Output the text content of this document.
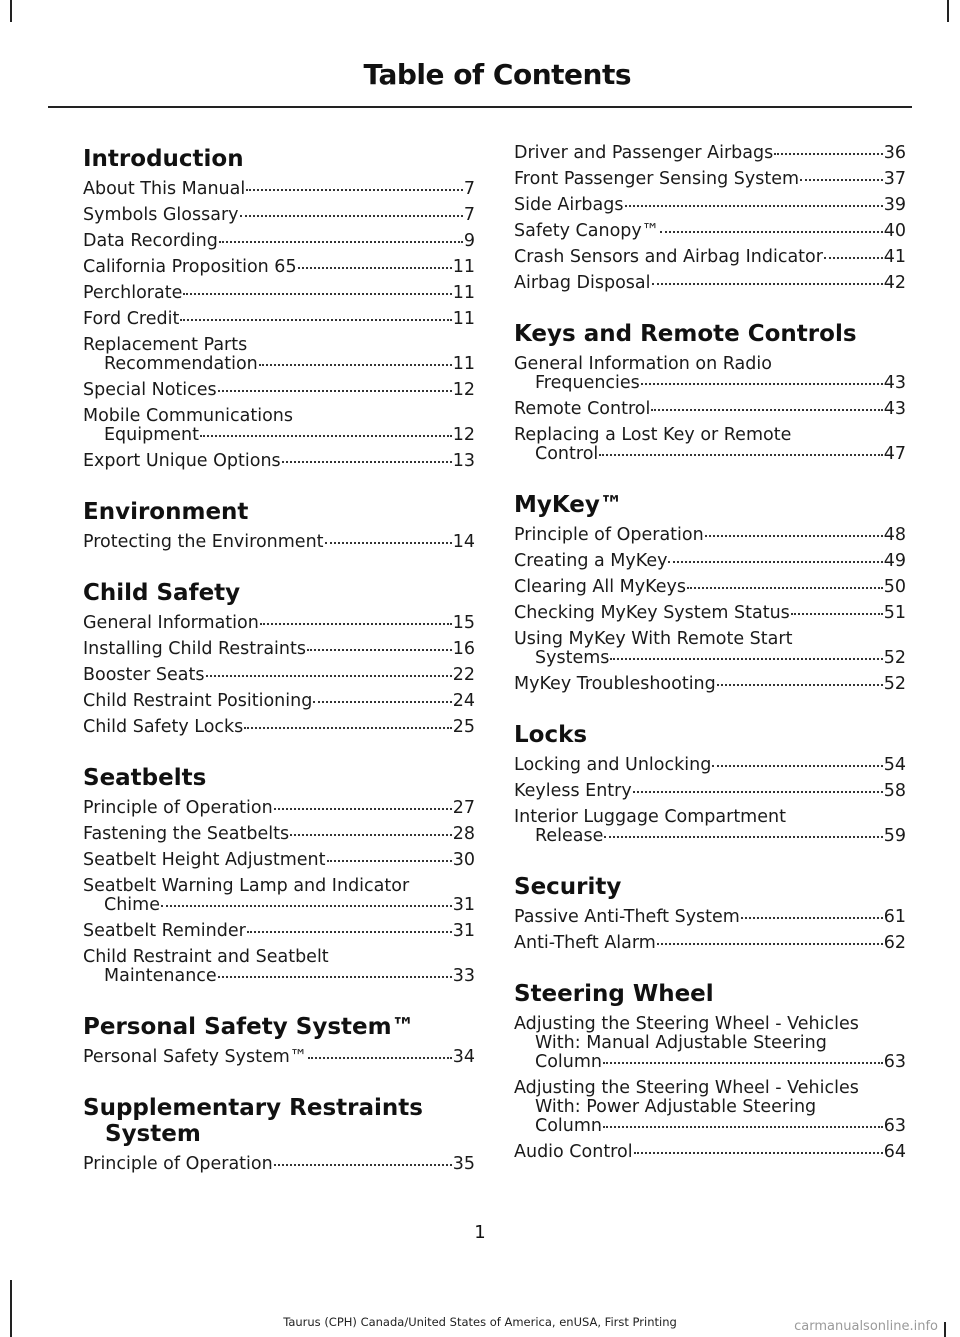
Table of Contents
Introduction
About This Manual	7
Symbols Glossary	7
Data Recording	9
California Proposition 65	11
Perchlorate	11
Ford Credit	11
Replacement Parts
Recommendation	11
Special Notices	12
Mobile Communications
Equipment	12
Export Unique Options	13
Environment
Protecting the Environment	14
Child Safety
General Information	15
Installing Child Restraints	16
Booster Seats	22
Child Restraint Positioning	24
Child Safety Locks	25
Seatbelts
Principle of Operation	27
Fastening the Seatbelts	28
Seatbelt Height Adjustment	30
Seatbelt Warning Lamp and Indicator
Chime	31
Seatbelt Reminder	31
Child Restraint and Seatbelt
Maintenance	33
Personal Safety System™
Personal Safety System™	34
Supplementary Restraints
System
Principle of Operation	35
Driver and Passenger Airbags	36
Front Passenger Sensing System	37
Side Airbags	39
Safety Canopy™	40
Crash Sensors and Airbag Indicator	41
Airbag Disposal	42
Keys and Remote Controls
General Information on Radio
Frequencies	43
Remote Control	43
Replacing a Lost Key or Remote
Control	47
MyKey™
Principle of Operation	48
Creating a MyKey	49
Clearing All MyKeys	50
Checking MyKey System Status	51
Using MyKey With Remote Start
Systems	52
MyKey Troubleshooting	52
Locks
Locking and Unlocking	54
Keyless Entry	58
Interior Luggage Compartment
Release	59
Security
Passive Anti-Theft System	61
Anti-Theft Alarm	62
Steering Wheel
Adjusting the Steering Wheel - Vehicles
With: Manual Adjustable Steering
Column	63
Adjusting the Steering Wheel - Vehicles
With: Power Adjustable Steering
Column	63
Audio Control	64
1
Taurus (CPH) Canada/United States of America, enUSA, First Printing	carmanualsonline.info
